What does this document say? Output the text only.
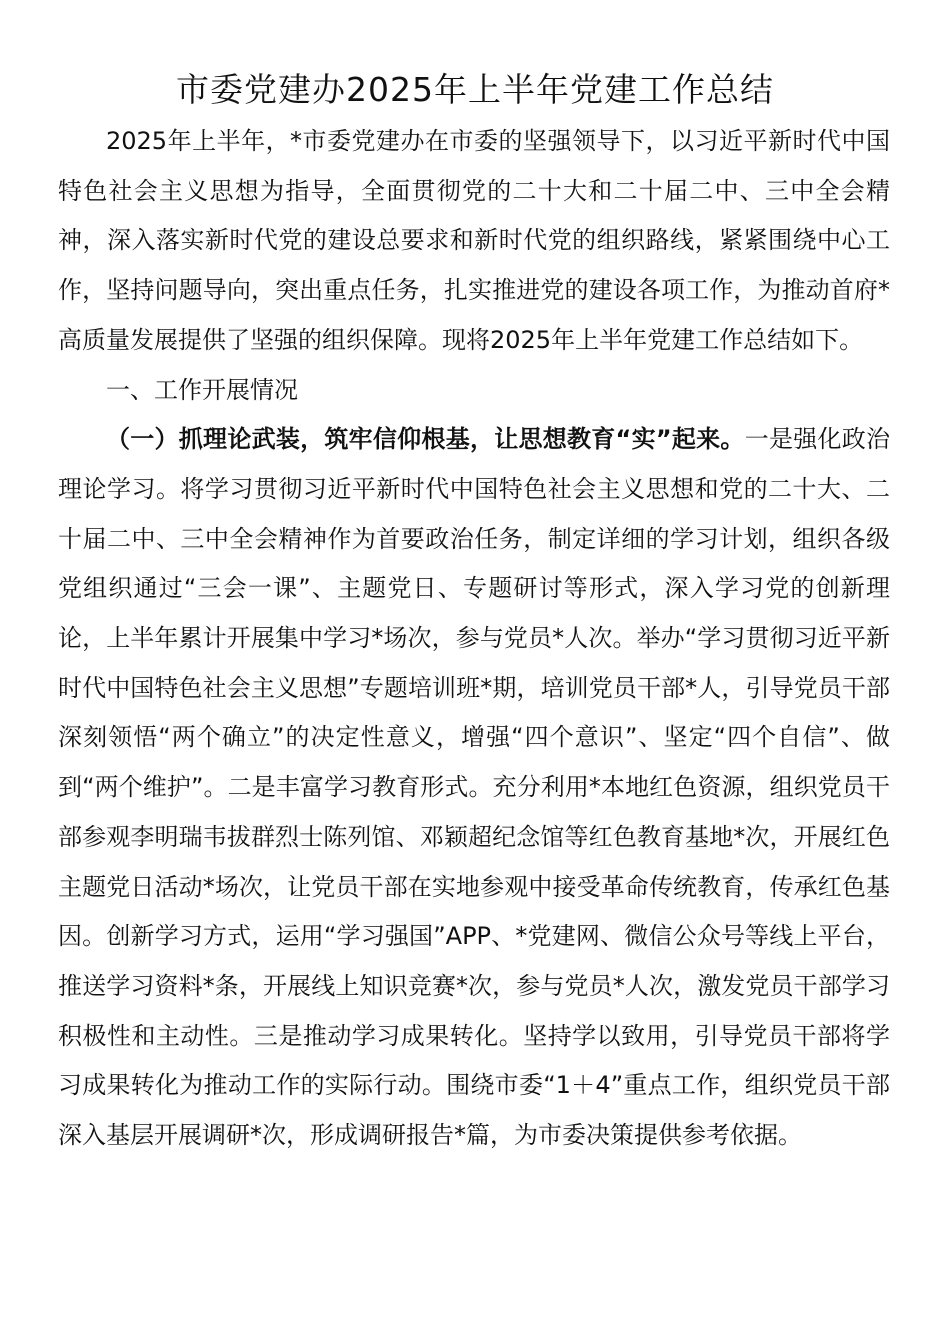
市委党建办2025年上半年党建工作总结

2025年上半年，*市委党建办在市委的坚强领导下，以习近平新时代中国特色社会主义思想为指导，全面贯彻党的二十大和二十届二中、三中全会精神，深入落实新时代党的建设总要求和新时代党的组织路线，紧紧围绕中心工作，坚持问题导向，突出重点任务，扎实推进党的建设各项工作，为推动首府*高质量发展提供了坚强的组织保障。现将2025年上半年党建工作总结如下。

一、工作开展情况

（一）抓理论武装，筑牢信仰根基，让思想教育“实”起来。一是强化政治理论学习。将学习贯彻习近平新时代中国特色社会主义思想和党的二十大、二十届二中、三中全会精神作为首要政治任务，制定详细的学习计划，组织各级党组织通过“三会一课”、主题党日、专题研讨等形式，深入学习党的创新理论，上半年累计开展集中学习*场次，参与党员*人次。举办“学习贯彻习近平新时代中国特色社会主义思想”专题培训班*期，培训党员干部*人，引导党员干部深刻领悟“两个确立”的决定性意义，增强“四个意识”、坚定“四个自信”、做到“两个维护”。二是丰富学习教育形式。充分利用*本地红色资源，组织党员干部参观李明瑞韦拔群烈士陈列馆、邓颖超纪念馆等红色教育基地*次，开展红色主题党日活动*场次，让党员干部在实地参观中接受革命传统教育，传承红色基因。创新学习方式，运用“学习强国”APP、*党建网、微信公众号等线上平台，推送学习资料*条，开展线上知识竞赛*次，参与党员*人次，激发党员干部学习积极性和主动性。三是推动学习成果转化。坚持学以致用，引导党员干部将学习成果转化为推动工作的实际行动。围绕市委“1＋4”重点工作，组织党员干部深入基层开展调研*次，形成调研报告*篇，为市委决策提供参考依据。
